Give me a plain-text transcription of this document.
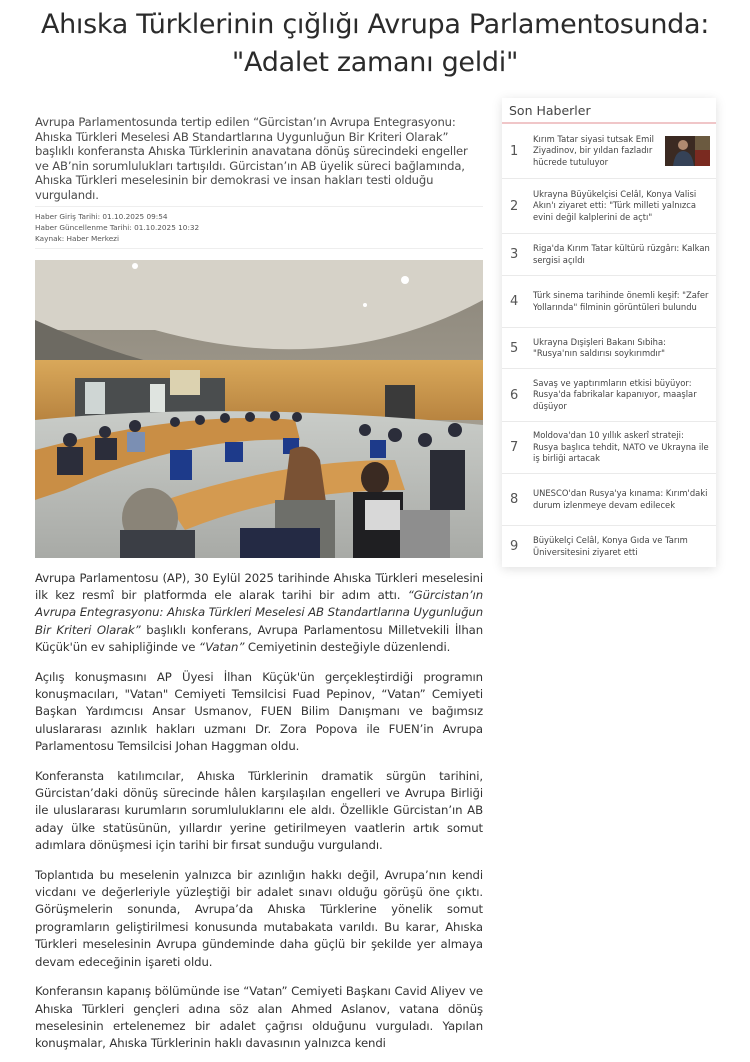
Ahıska Türklerinin çığlığı Avrupa Parlamentosunda: "Adalet zamanı geldi"

Avrupa Parlamentosunda tertip edilen “Gürcistan’ın Avrupa Entegrasyonu: Ahıska Türkleri Meselesi AB Standartlarına Uygunluğun Bir Kriteri Olarak” başlıklı konferansta Ahıska Türklerinin anavatana dönüş sürecindeki engeller ve AB’nin sorumlulukları tartışıldı. Gürcistan’ın AB üyelik süreci bağlamında, Ahıska Türkleri meselesinin bir demokrasi ve insan hakları testi olduğu vurgulandı.

Haber Giriş Tarihi: 01.10.2025 09:54
Haber Güncellenme Tarihi: 01.10.2025 10:32
Kaynak: Haber Merkezi

Avrupa Parlamentosu (AP), 30 Eylül 2025 tarihinde Ahıska Türkleri meselesini ilk kez resmî bir platformda ele alarak tarihi bir adım attı. “Gürcistan’ın Avrupa Entegrasyonu: Ahıska Türkleri Meselesi AB Standartlarına Uygunluğun Bir Kriteri Olarak” başlıklı konferans, Avrupa Parlamentosu Milletvekili İlhan Küçük'ün ev sahipliğinde ve “Vatan” Cemiyetinin desteğiyle düzenlendi.

Açılış konuşmasını AP Üyesi İlhan Küçük'ün gerçekleştirdiği programın konuşmacıları, "Vatan" Cemiyeti Temsilcisi Fuad Pepinov, “Vatan” Cemiyeti Başkan Yardımcısı Ansar Usmanov, FUEN Bilim Danışmanı ve bağımsız uluslararası azınlık hakları uzmanı Dr. Zora Popova ile FUEN’in Avrupa Parlamentosu Temsilcisi Johan Haggman oldu.

Konferansta katılımcılar, Ahıska Türklerinin dramatik sürgün tarihini, Gürcistan’daki dönüş sürecinde hâlen karşılaşılan engelleri ve Avrupa Birliği ile uluslararası kurumların sorumluluklarını ele aldı. Özellikle Gürcistan’ın AB aday ülke statüsünün, yıllardır yerine getirilmeyen vaatlerin artık somut adımlara dönüşmesi için tarihi bir fırsat sunduğu vurgulandı.

Toplantıda bu meselenin yalnızca bir azınlığın hakkı değil, Avrupa’nın kendi vicdanı ve değerleriyle yüzleştiği bir adalet sınavı olduğu görüşü öne çıktı. Görüşmelerin sonunda, Avrupa’da Ahıska Türklerine yönelik somut programların geliştirilmesi konusunda mutabakata varıldı. Bu karar, Ahıska Türkleri meselesinin Avrupa gündeminde daha güçlü bir şekilde yer almaya devam edeceğinin işareti oldu.

Konferansın kapanış bölümünde ise “Vatan” Cemiyeti Başkanı Cavid Aliyev ve Ahıska Türkleri gençleri adına söz alan Ahmed Aslanov, vatana dönüş meselesinin ertelenemez bir adalet çağrısı olduğunu vurguladı. Yapılan konuşmalar, Ahıska Türklerinin haklı davasının yalnızca kendi

Son Haberler
1
Kırım Tatar siyasi tutsak Emil Ziyadinov, bir yıldan fazladır hücrede tutuluyor
2
Ukrayna Büyükelçisi Celâl, Konya Valisi Akın'ı ziyaret etti: "Türk milleti yalnızca evini değil kalplerini de açtı"
3	Riga'da Kırım Tatar kültürü rüzgârı: Kalkan sergisi açıldı
4	Türk sinema tarihinde önemli keşif: "Zafer Yollarında" filminin görüntüleri bulundu
5	Ukrayna Dışişleri Bakanı Sıbiha: "Rusya'nın saldırısı soykırımdır"
6
Savaş ve yaptırımların etkisi büyüyor: Rusya'da fabrikalar kapanıyor, maaşlar düşüyor
7
Moldova'dan 10 yıllık askerî strateji: Rusya başlıca tehdit, NATO ve Ukrayna ile iş birliği artacak
8	UNESCO'dan Rusya'ya kınama: Kırım'daki durum izlenmeye devam edilecek
9	Büyükelçi Celâl, Konya Gıda ve Tarım Üniversitesini ziyaret etti
